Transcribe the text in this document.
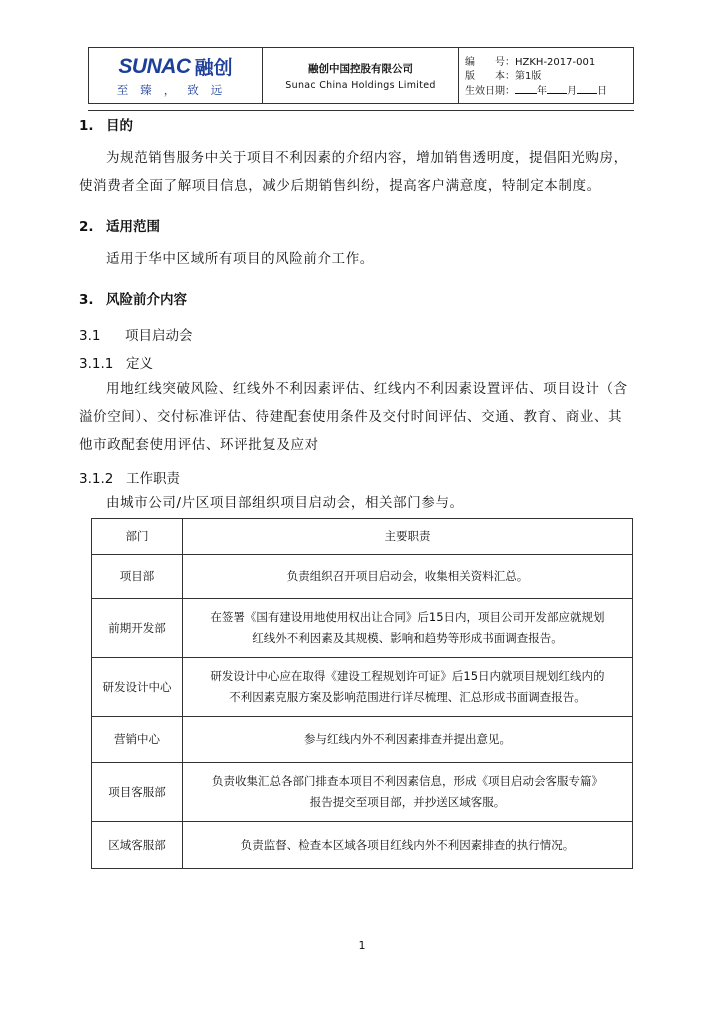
SUNAC 融创
至臻，致远
融创中国控股有限公司
Sunac China Holdings Limited
编　　号：HZKH-2017-001
版　　本：第1版
生效日期： 年 月 日
1. 目的
为规范销售服务中关于项目不利因素的介绍内容，增加销售透明度，提倡阳光购房，
使消费者全面了解项目信息，减少后期销售纠纷，提高客户满意度，特制定本制度。
2. 适用范围
适用于华中区域所有项目的风险前介工作。
3. 风险前介内容
3.1 项目启动会
3.1.1 定义
用地红线突破风险、红线外不利因素评估、红线内不利因素设置评估、项目设计（含
溢价空间）、交付标准评估、待建配套使用条件及交付时间评估、交通、教育、商业、其
他市政配套使用评估、环评批复及应对
3.1.2 工作职责
由城市公司/片区项目部组织项目启动会，相关部门参与。
部门	主要职责
项目部	负责组织召开项目启动会，收集相关资料汇总。

前期开发部	在签署《国有建设用地使用权出让合同》后15日内，项目公司开发部应就规划
红线外不利因素及其规模、影响和趋势等形成书面调查报告。

研发设计中心	研发设计中心应在取得《建设工程规划许可证》后15日内就项目规划红线内的
不利因素克服方案及影响范围进行详尽梳理、汇总形成书面调查报告。

营销中心	参与红线内外不利因素排查并提出意见。

项目客服部	负责收集汇总各部门排查本项目不利因素信息，形成《项目启动会客服专篇》
报告提交至项目部，并抄送区域客服。

区域客服部	负责监督、检查本区域各项目红线内外不利因素排查的执行情况。
1
